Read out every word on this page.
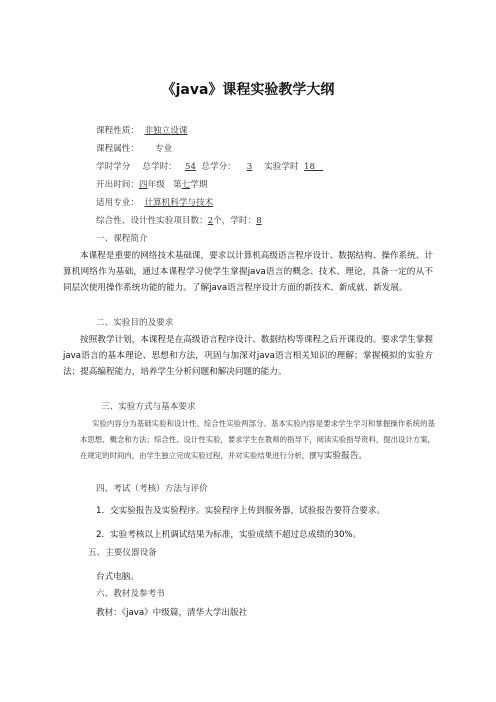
《java》课程实验教学大纲
课程性质： 非独立设课
课程属性： 专业
学时学分 总学时： 54 总学分： 3 实验学时 18
开出时间：四年级 第七学期
适用专业： 计算机科学与技术
综合性、设计性实验项目数：2个，学时：8
一、课程简介
本课程是重要的网络技术基础课，要求以计算机高级语言程序设计、数据结构、操作系统、计算机网络作为基础，通过本课程学习使学生掌握java语言的概念、技术、理论，具备一定的从不同层次使用操作系统功能的能力。了解java语言程序设计方面的新技术、新成就、新发展。
二、实验目的及要求
按照教学计划，本课程是在高级语言程序设计、数据结构等课程之后开课设的。要求学生掌握java语言的基本理论、思想和方法，巩固与加深对java语言相关知识的理解；掌握模拟的实验方法；提高编程能力，培养学生分析问题和解决问题的能力。
三、实验方式与基本要求
实验内容分为基础实验和设计性、综合性实验两部分。基本实验内容是要求学生学习和掌握操作系统的基本思想、概念和方法；综合性、设计性实验，要求学生在教师的指导下，阅读实验指导资料，提出设计方案，在规定的时间内，由学生独立完成实验过程，并对实验结果进行分析，撰写实验报告。
四、考试（考核）方法与评价
1．交实验报告及实验程序。实验程序上传到服务器，试验报告要符合要求。
2．实验考核以上机调试结果为标准，实验成绩不超过总成绩的30%。
五、主要仪器设备
台式电脑。
六、教材及参考书
教材：《java》中级篇，清华大学出版社
